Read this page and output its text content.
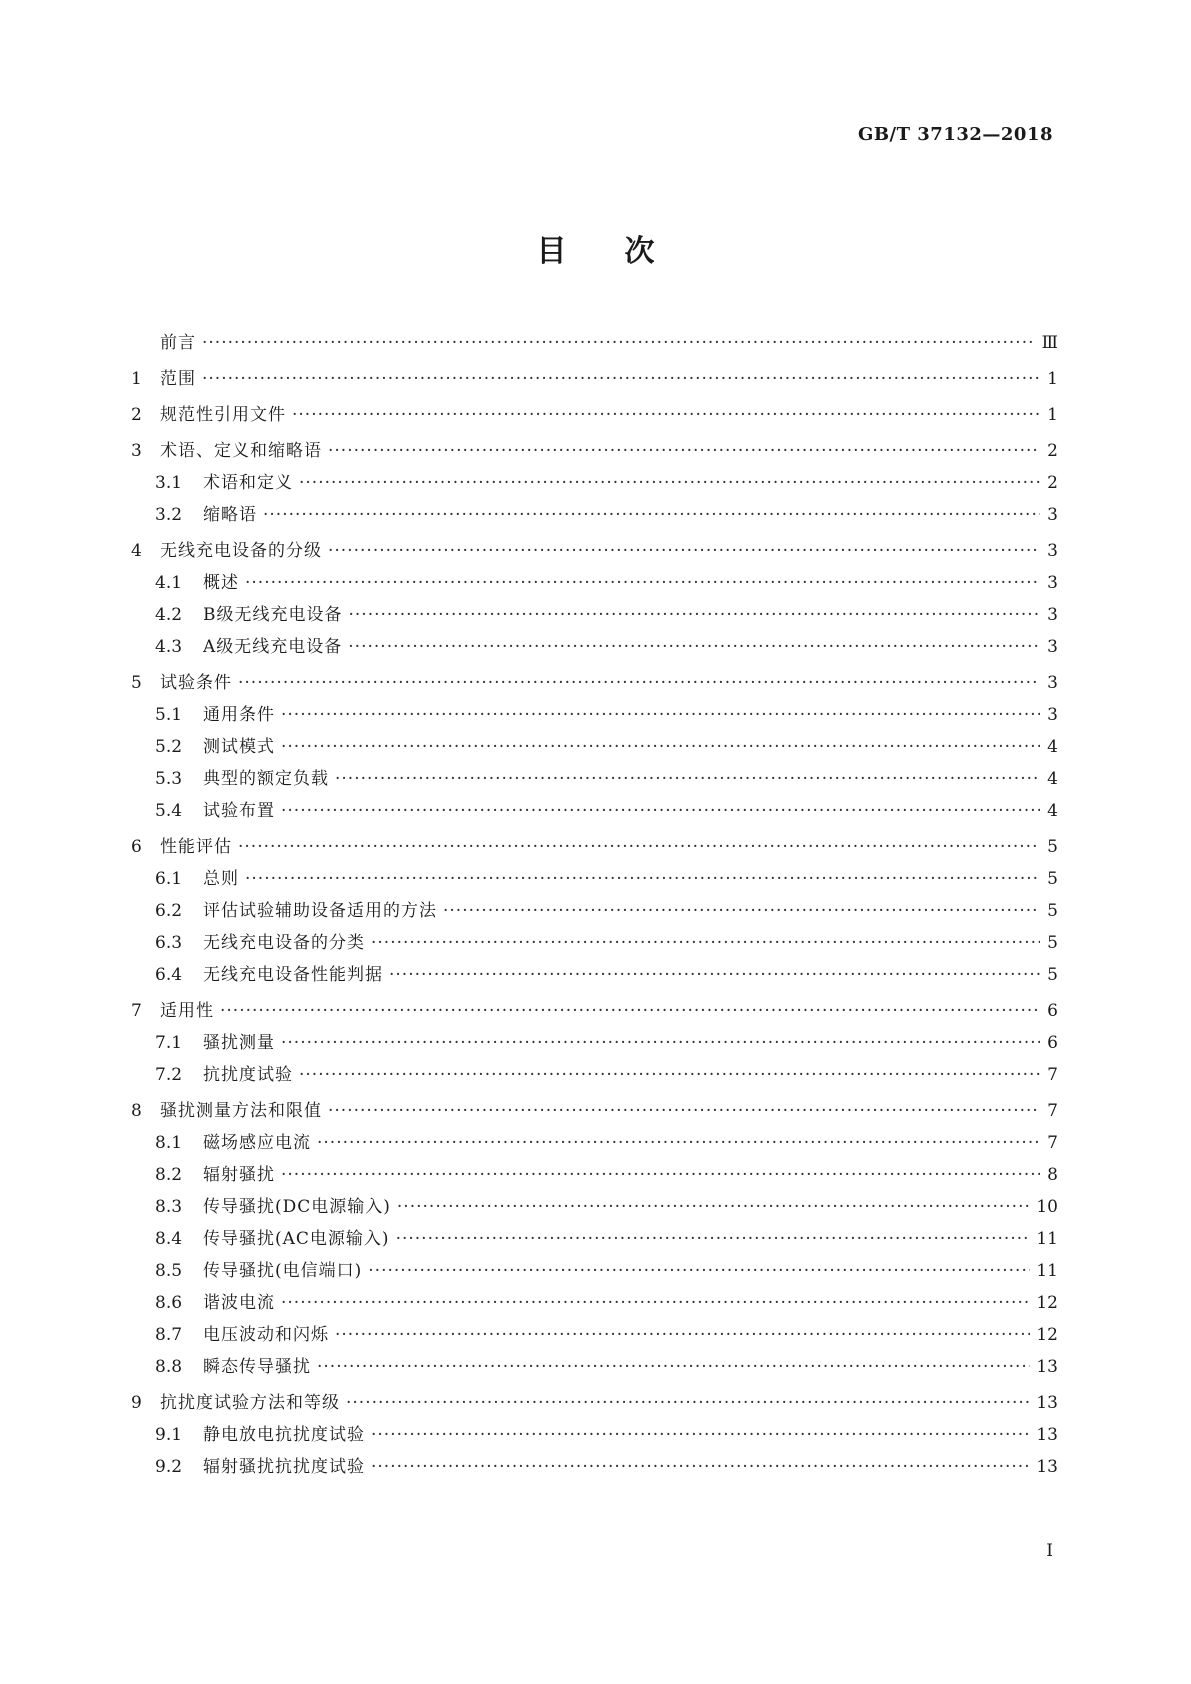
GB/T 37132—2018
目次
前言 ·····	Ⅲ
1	范围 ·····	1
2	规范性引用文件 ·····	1
3	术语、定义和缩略语 ·····	2
3.1	术语和定义 ·····	2
3.2	缩略语 ·····	3
4	无线充电设备的分级 ·····	3
4.1	概述 ·····	3
4.2	B级无线充电设备 ·····	3
4.3	A级无线充电设备 ·····	3
5	试验条件 ·····	3
5.1	通用条件 ·····	3
5.2	测试模式 ·····	4
5.3	典型的额定负载 ·····	4
5.4	试验布置 ·····	4
6	性能评估 ·····	5
6.1	总则 ·····	5
6.2	评估试验辅助设备适用的方法 ·····	5
6.3	无线充电设备的分类 ·····	5
6.4	无线充电设备性能判据 ·····	5
7	适用性 ·····	6
7.1	骚扰测量 ·····	6
7.2	抗扰度试验 ·····	7
8	骚扰测量方法和限值 ·····	7
8.1	磁场感应电流 ·····	7
8.2	辐射骚扰 ·····	8
8.3	传导骚扰(DC电源输入) ·····	10
8.4	传导骚扰(AC电源输入) ·····	11
8.5	传导骚扰(电信端口) ·····	11
8.6	谐波电流 ·····	12
8.7	电压波动和闪烁 ·····	12
8.8	瞬态传导骚扰 ·····	13
9	抗扰度试验方法和等级 ·····	13
9.1	静电放电抗扰度试验 ·····	13
9.2	辐射骚扰抗扰度试验 ·····	13
I
